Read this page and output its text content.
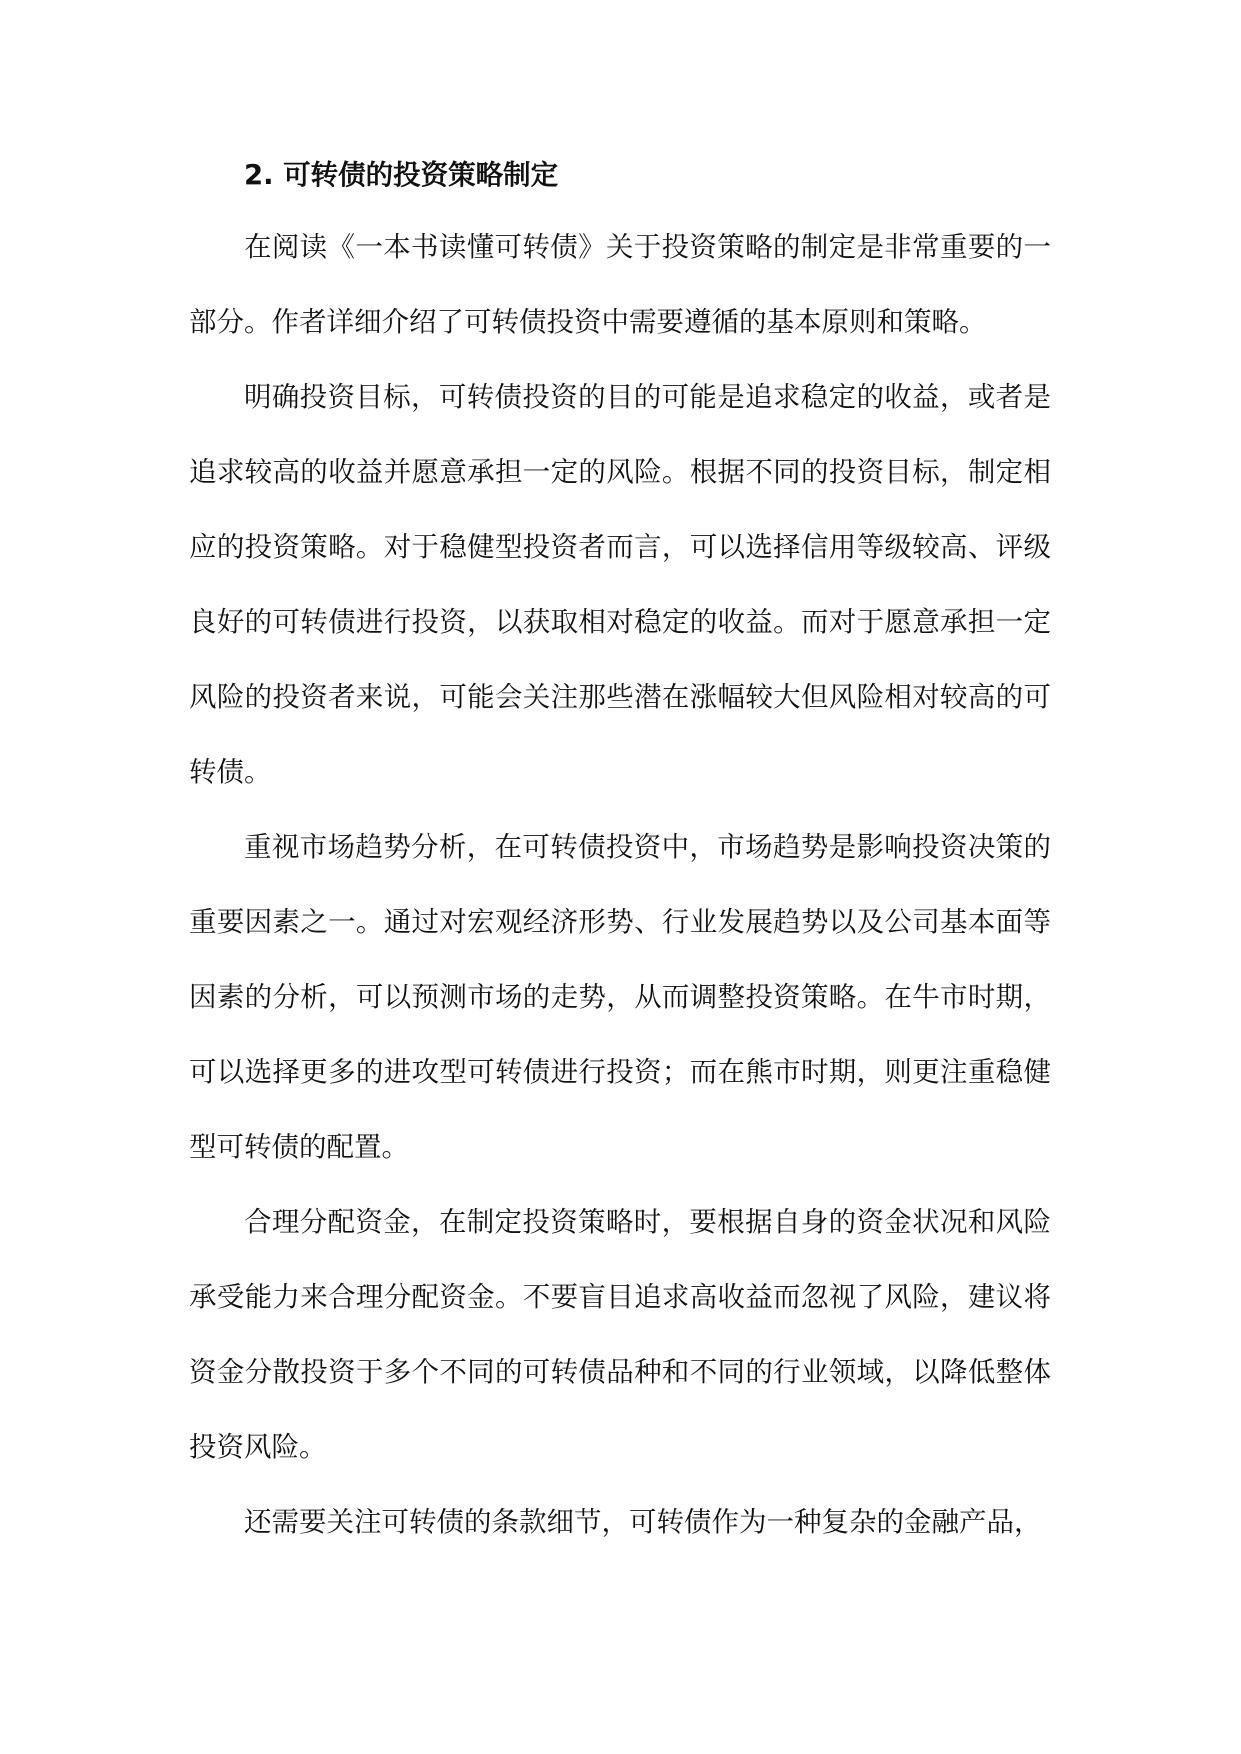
2. 可转债的投资策略制定

在阅读《一本书读懂可转债》关于投资策略的制定是非常重要的一部分。作者详细介绍了可转债投资中需要遵循的基本原则和策略。

明确投资目标，可转债投资的目的可能是追求稳定的收益，或者是追求较高的收益并愿意承担一定的风险。根据不同的投资目标，制定相应的投资策略。对于稳健型投资者而言，可以选择信用等级较高、评级良好的可转债进行投资，以获取相对稳定的收益。而对于愿意承担一定风险的投资者来说，可能会关注那些潜在涨幅较大但风险相对较高的可转债。

重视市场趋势分析，在可转债投资中，市场趋势是影响投资决策的重要因素之一。通过对宏观经济形势、行业发展趋势以及公司基本面等因素的分析，可以预测市场的走势，从而调整投资策略。在牛市时期，可以选择更多的进攻型可转债进行投资；而在熊市时期，则更注重稳健型可转债的配置。

合理分配资金，在制定投资策略时，要根据自身的资金状况和风险承受能力来合理分配资金。不要盲目追求高收益而忽视了风险，建议将资金分散投资于多个不同的可转债品种和不同的行业领域，以降低整体投资风险。

还需要关注可转债的条款细节，可转债作为一种复杂的金融产品，
